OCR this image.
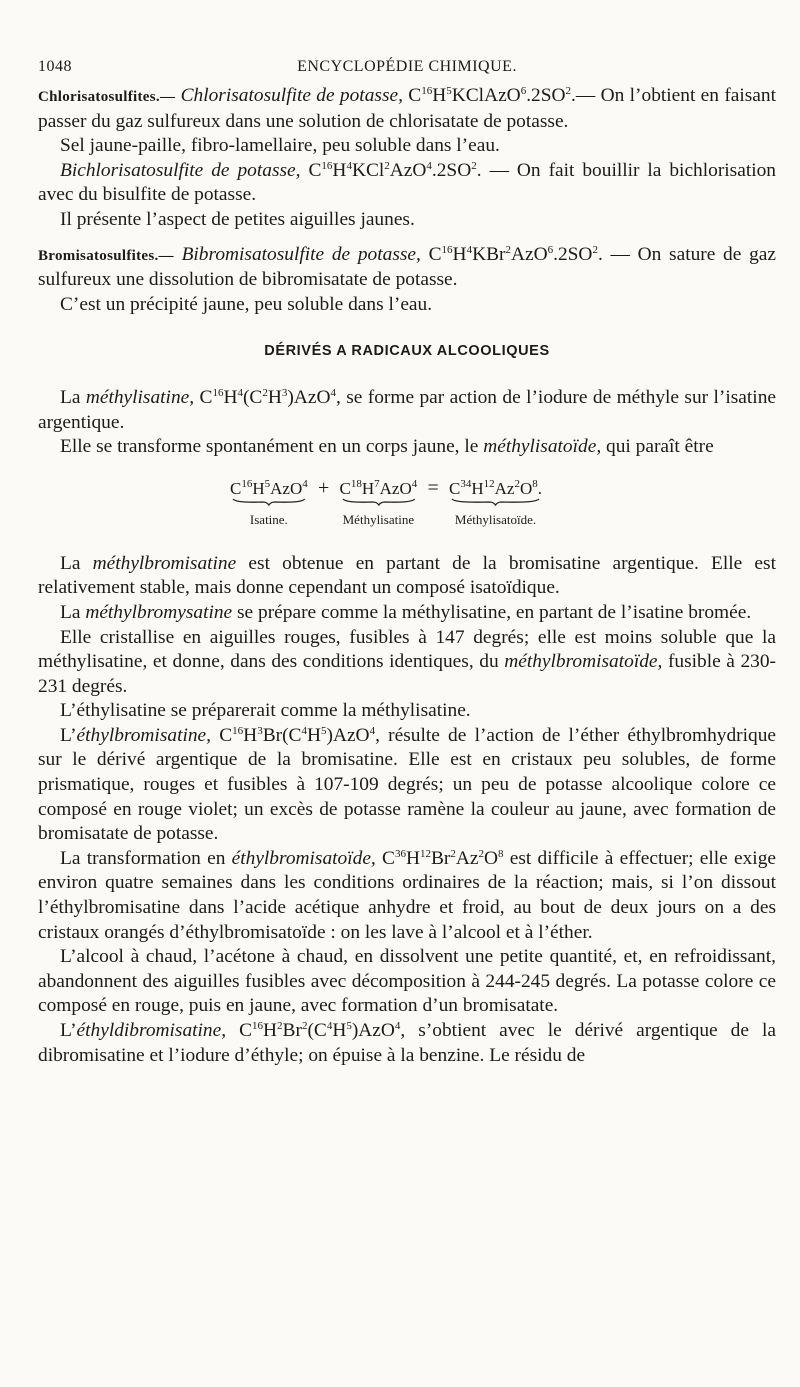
1048	ENCYCLOPÉDIE CHIMIQUE.

Chlorisatosulfites.— Chlorisatosulfite de potasse, $C^{16}H^5KClAzO^6.2SO^2.—$ On l’obtient en faisant passer du gaz sulfureux dans une solution de chlorisatate de potasse.

Sel jaune-paille, fibro-lamellaire, peu soluble dans l’eau.

Bichlorisatosulfite de potasse, $C^{16}H^4KCl^2AzO^4.2SO^2$. — On fait bouillir la bichlorisation avec du bisulfite de potasse.

Il présente l’aspect de petites aiguilles jaunes.

Bromisatosulfites.— Bibromisatosulfite de potasse, $C^{16}H^4KBr^2AzO^6.2SO^2$. — On sature de gaz sulfureux une dissolution de bibromisatate de potasse.

C’est un précipité jaune, peu soluble dans l’eau.

DÉRIVÉS A RADICAUX ALCOOLIQUES

La méthylisatine, $C^{16}H^4(C^2H^3)AzO^4$, se forme par action de l’iodure de méthyle sur l’isatine argentique.

Elle se transforme spontanément en un corps jaune, le méthylisatoïde, qui paraît être

$C^{16}H^5AzO^4 + C^{18}H^7AzO^4 = C^{34}H^{12}Az^2O^8$.
Isatine.	Méthylisatine	Méthylisatoïde.

La méthylbromisatine est obtenue en partant de la bromisatine argentique. Elle est relativement stable, mais donne cependant un composé isatoïdique.

La méthylbromysatine se prépare comme la méthylisatine, en partant de l’isatine bromée.

Elle cristallise en aiguilles rouges, fusibles à 147 degrés; elle est moins soluble que la méthylisatine, et donne, dans des conditions identiques, du méthylbromisatoïde, fusible à 230-231 degrés.

L’éthylisatine se préparerait comme la méthylisatine.

L’éthylbromisatine, $C^{16}H^3Br(C^4H^5)AzO^4$, résulte de l’action de l’éther éthylbromhydrique sur le dérivé argentique de la bromisatine. Elle est en cristaux peu solubles, de forme prismatique, rouges et fusibles à 107-109 degrés; un peu de potasse alcoolique colore ce composé en rouge violet; un excès de potasse ramène la couleur au jaune, avec formation de bromisatate de potasse.

La transformation en éthylbromisatoïde, $C^{36}H^{12}Br^2Az^2O^8$ est difficile à effectuer; elle exige environ quatre semaines dans les conditions ordinaires de la réaction; mais, si l’on dissout l’éthylbromisatine dans l’acide acétique anhydre et froid, au bout de deux jours on a des cristaux orangés d’éthylbromisatoïde : on les lave à l’alcool et à l’éther.

L’alcool à chaud, l’acétone à chaud, en dissolvent une petite quantité, et, en refroidissant, abandonnent des aiguilles fusibles avec décomposition à 244-245 degrés. La potasse colore ce composé en rouge, puis en jaune, avec formation d’un bromisatate.

L’éthyldibromisatine, $C^{16}H^2Br^2(C^4H^5)AzO^4$, s’obtient avec le dérivé argentique de la dibromisatine et l’iodure d’éthyle; on épuise à la benzine. Le résidu de
